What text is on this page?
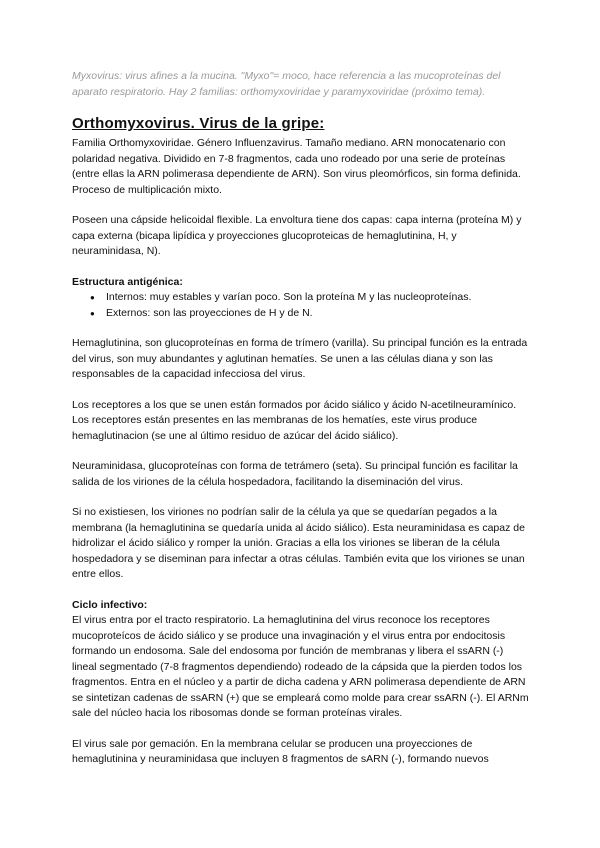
Myxovirus: virus afines a la mucina. "Myxo"= moco, hace referencia a las mucoproteínas del aparato respiratorio. Hay 2 familias: orthomyxoviridae y paramyxoviridae (próximo tema).

Orthomyxovirus. Virus de la gripe:

Familia Orthomyxoviridae. Género Influenzavirus. Tamaño mediano. ARN monocatenario con polaridad negativa. Dividido en 7-8 fragmentos, cada uno rodeado por una serie de proteínas (entre ellas la ARN polimerasa dependiente de ARN). Son virus pleomórficos, sin forma definida. Proceso de multiplicación mixto.

Poseen una cápside helicoidal flexible. La envoltura tiene dos capas: capa interna (proteína M) y capa externa (bicapa lipídica y proyecciones glucoproteicas de hemaglutinina, H, y neuraminidasa, N).

Estructura antigénica:
● Internos: muy estables y varían poco. Son la proteína M y las nucleoproteínas.
● Externos: son las proyecciones de H y de N.

Hemaglutinina, son glucoproteínas en forma de trímero (varilla). Su principal función es la entrada del virus, son muy abundantes y aglutinan hematíes. Se unen a las células diana y son las responsables de la capacidad infecciosa del virus.

Los receptores a los que se unen están formados por ácido siálico y ácido N-acetilneuramínico. Los receptores están presentes en las membranas de los hematíes, este virus produce hemaglutinacion (se une al último residuo de azúcar del ácido siálico).

Neuraminidasa, glucoproteínas con forma de tetrámero (seta). Su principal función es facilitar la salida de los viriones de la célula hospedadora, facilitando la diseminación del virus.

Si no existiesen, los viriones no podrían salir de la célula ya que se quedarían pegados a la membrana (la hemaglutinina se quedaría unida al ácido siálico). Esta neuraminidasa es capaz de hidrolizar el ácido siálico y romper la unión. Gracias a ella los viriones se liberan de la célula hospedadora y se diseminan para infectar a otras células. También evita que los viriones se unan entre ellos.

Ciclo infectivo:

El virus entra por el tracto respiratorio. La hemaglutinina del virus reconoce los receptores mucoproteícos de ácido siálico y se produce una invaginación y el virus entra por endocitosis formando un endosoma. Sale del endosoma por función de membranas y libera el ssARN (-) lineal segmentado (7-8 fragmentos dependiendo) rodeado de la cápsida que la pierden todos los fragmentos. Entra en el núcleo y a partir de dicha cadena y ARN polimerasa dependiente de ARN se sintetizan cadenas de ssARN (+) que se empleará como molde para crear ssARN (-). El ARNm sale del núcleo hacia los ribosomas donde se forman proteínas virales.

El virus sale por gemación. En la membrana celular se producen una proyecciones de hemaglutinina y neuraminidasa que incluyen 8 fragmentos de sARN (-), formando nuevos
